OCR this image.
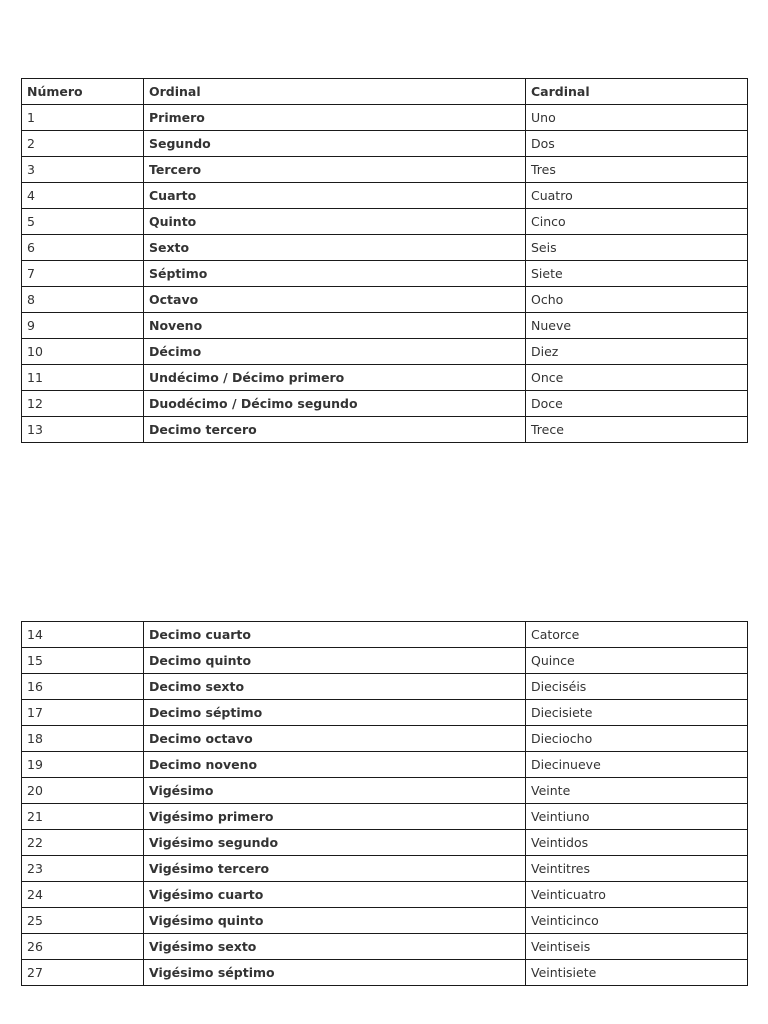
Número	Ordinal	Cardinal
1	Primero	Uno
2	Segundo	Dos
3	Tercero	Tres
4	Cuarto	Cuatro
5	Quinto	Cinco
6	Sexto	Seis
7	Séptimo	Siete
8	Octavo	Ocho
9	Noveno	Nueve
10	Décimo	Diez
11	Undécimo / Décimo primero	Once
12	Duodécimo / Décimo segundo	Doce
13	Decimo tercero	Trece
14	Decimo cuarto	Catorce
15	Decimo quinto	Quince
16	Decimo sexto	Dieciséis
17	Decimo séptimo	Diecisiete
18	Decimo octavo	Dieciocho
19	Decimo noveno	Diecinueve
20	Vigésimo	Veinte
21	Vigésimo primero	Veintiuno
22	Vigésimo segundo	Veintidos
23	Vigésimo tercero	Veintitres
24	Vigésimo cuarto	Veinticuatro
25	Vigésimo quinto	Veinticinco
26	Vigésimo sexto	Veintiseis
27	Vigésimo séptimo	Veintisiete
